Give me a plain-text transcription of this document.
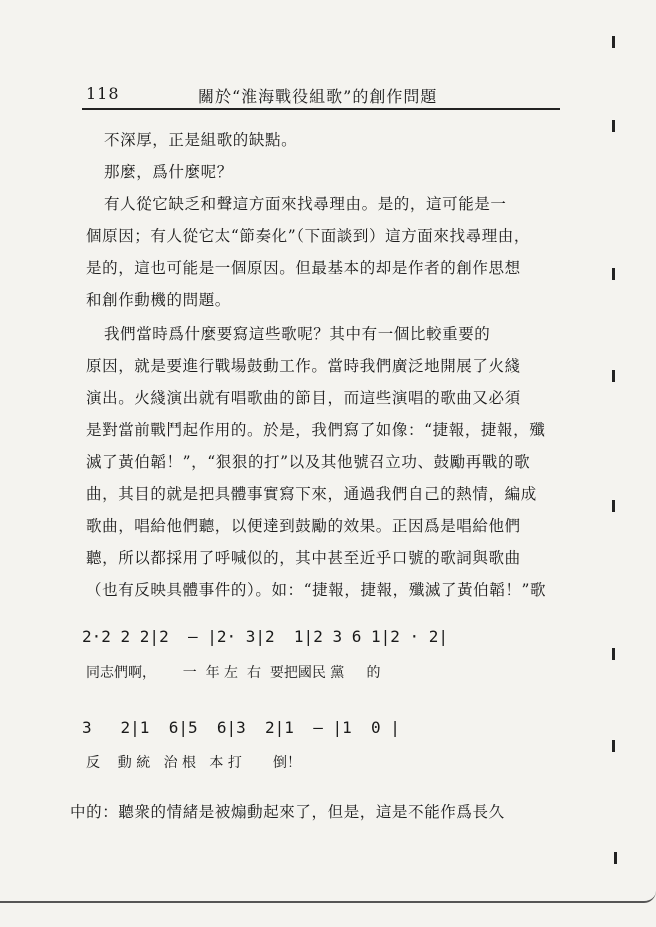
118	關於“淮海戰役組歌”的創作問題
不深厚，正是組歌的缺點。
那麼，爲什麼呢？
有人從它缺乏和聲這方面來找尋理由。是的，這可能是一
個原因；有人從它太“節奏化”（下面談到）這方面來找尋理由，
是的，這也可能是一個原因。但最基本的却是作者的創作思想
和創作動機的問題。
我們當時爲什麼要寫這些歌呢？其中有一個比較重要的
原因，就是要進行戰場鼓動工作。當時我們廣泛地開展了火綫
演出。火綫演出就有唱歌曲的節目，而這些演唱的歌曲又必須
是對當前戰鬥起作用的。於是，我們寫了如像：“捷報，捷報，殲
滅了黃伯韜！”，“狠狠的打”以及其他號召立功、鼓勵再戰的歌
曲，其目的就是把具體事實寫下來，通過我們自己的熱情，編成
歌曲，唱給他們聽，以便達到鼓勵的效果。正因爲是唱給他們
聽，所以都採用了呼喊似的，其中甚至近乎口號的歌詞與歌曲
（也有反映具體事件的）。如：“捷報，捷報，殲滅了黃伯韜！”歌
2·2 2 2|2  — |2· 3|2  1|2 3 6 1|2 · 2|
同志們啊，      一  年 左  右  要把國民 黨     的
3   2|1  6|5  6|3  2|1  — |1  0 |
反    動 統   治 根   本 打       倒！
中的：聽衆的情緒是被煽動起來了，但是，這是不能作爲長久
